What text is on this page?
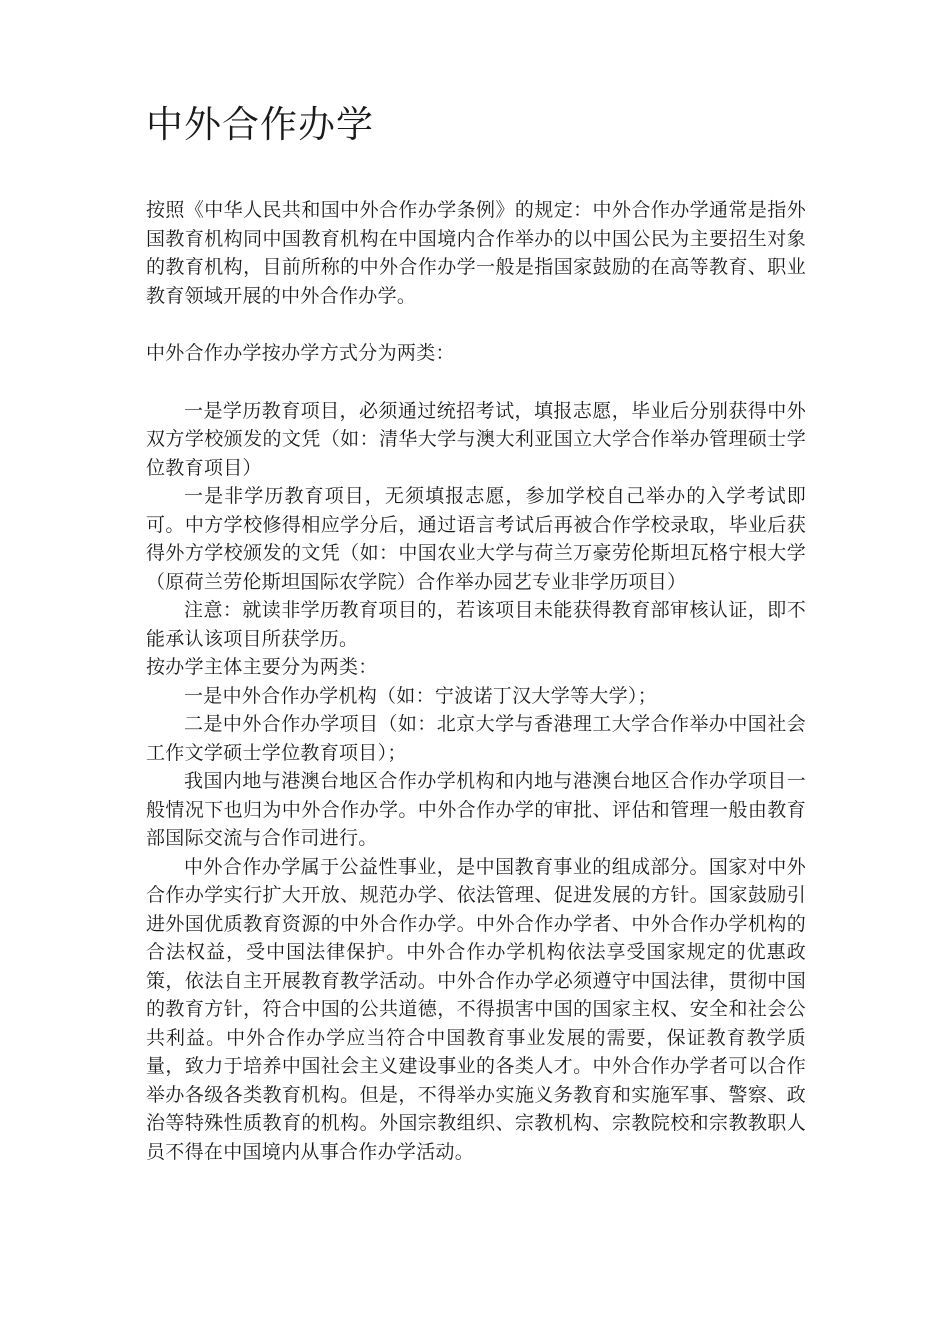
中外合作办学

按照《中华人民共和国中外合作办学条例》的规定：中外合作办学通常是指外国教育机构同中国教育机构在中国境内合作举办的以中国公民为主要招生对象的教育机构，目前所称的中外合作办学一般是指国家鼓励的在高等教育、职业教育领域开展的中外合作办学。

中外合作办学按办学方式分为两类：

一是学历教育项目，必须通过统招考试，填报志愿，毕业后分别获得中外双方学校颁发的文凭（如：清华大学与澳大利亚国立大学合作举办管理硕士学位教育项目）

一是非学历教育项目，无须填报志愿，参加学校自己举办的入学考试即可。中方学校修得相应学分后，通过语言考试后再被合作学校录取，毕业后获得外方学校颁发的文凭（如：中国农业大学与荷兰万豪劳伦斯坦瓦格宁根大学（原荷兰劳伦斯坦国际农学院）合作举办园艺专业非学历项目）

注意：就读非学历教育项目的，若该项目未能获得教育部审核认证，即不能承认该项目所获学历。

按办学主体主要分为两类：

一是中外合作办学机构（如：宁波诺丁汉大学等大学）；

二是中外合作办学项目（如：北京大学与香港理工大学合作举办中国社会工作文学硕士学位教育项目）；

我国内地与港澳台地区合作办学机构和内地与港澳台地区合作办学项目一般情况下也归为中外合作办学。中外合作办学的审批、评估和管理一般由教育部国际交流与合作司进行。

中外合作办学属于公益性事业，是中国教育事业的组成部分。国家对中外合作办学实行扩大开放、规范办学、依法管理、促进发展的方针。国家鼓励引进外国优质教育资源的中外合作办学。中外合作办学者、中外合作办学机构的合法权益，受中国法律保护。中外合作办学机构依法享受国家规定的优惠政策，依法自主开展教育教学活动。中外合作办学必须遵守中国法律，贯彻中国的教育方针，符合中国的公共道德，不得损害中国的国家主权、安全和社会公共利益。中外合作办学应当符合中国教育事业发展的需要，保证教育教学质量，致力于培养中国社会主义建设事业的各类人才。中外合作办学者可以合作举办各级各类教育机构。但是，不得举办实施义务教育和实施军事、警察、政治等特殊性质教育的机构。外国宗教组织、宗教机构、宗教院校和宗教教职人员不得在中国境内从事合作办学活动。
